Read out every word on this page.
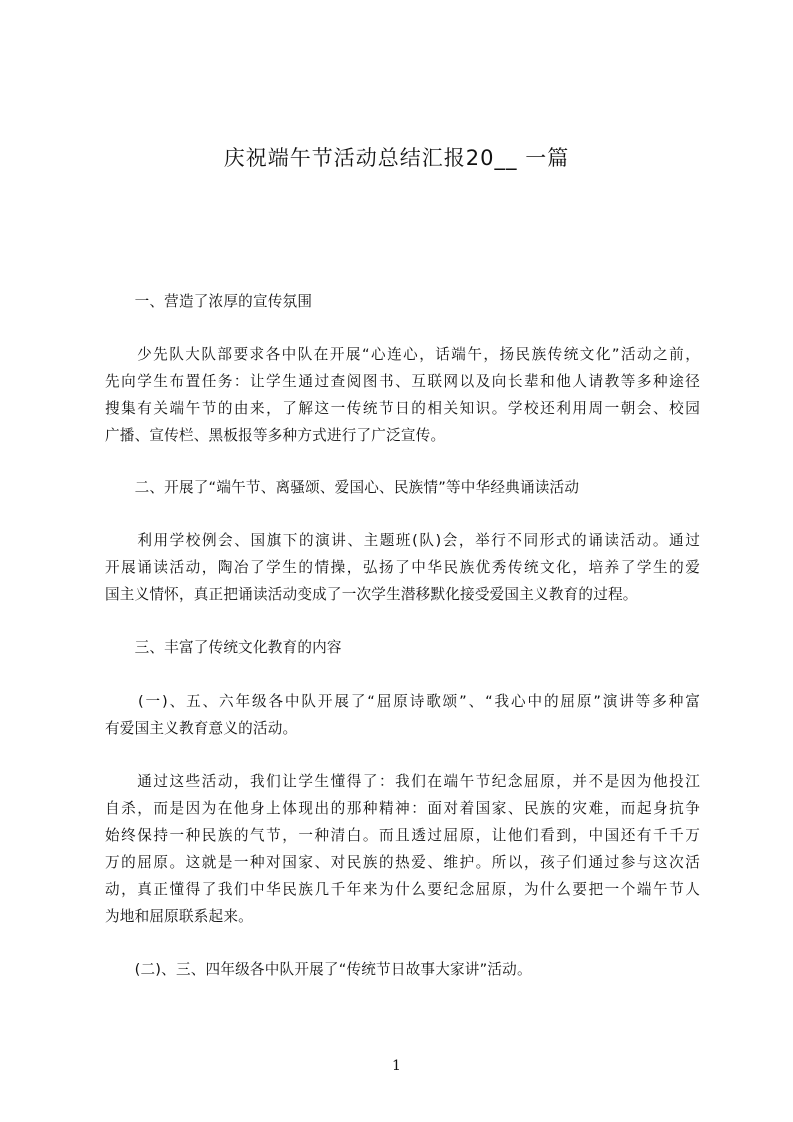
庆祝端午节活动总结汇报20__ 一篇
　　一、营造了浓厚的宣传氛围
　　少先队大队部要求各中队在开展“心连心，话端午，扬民族传统文化”活动之前，
先向学生布置任务：让学生通过查阅图书、互联网以及向长辈和他人请教等多种途径
搜集有关端午节的由来，了解这一传统节日的相关知识。学校还利用周一朝会、校园
广播、宣传栏、黑板报等多种方式进行了广泛宣传。
　　二、开展了“端午节、离骚颂、爱国心、民族情”等中华经典诵读活动
　　利用学校例会、国旗下的演讲、主题班(队)会，举行不同形式的诵读活动。通过
开展诵读活动，陶冶了学生的情操，弘扬了中华民族优秀传统文化，培养了学生的爱
国主义情怀，真正把诵读活动变成了一次学生潜移默化接受爱国主义教育的过程。
　　三、丰富了传统文化教育的内容
　　(一)、五、六年级各中队开展了“屈原诗歌颂”、“我心中的屈原”演讲等多种富
有爱国主义教育意义的活动。
　　通过这些活动，我们让学生懂得了：我们在端午节纪念屈原，并不是因为他投江
自杀，而是因为在他身上体现出的那种精神：面对着国家、民族的灾难，而起身抗争
始终保持一种民族的气节，一种清白。而且透过屈原，让他们看到，中国还有千千万
万的屈原。这就是一种对国家、对民族的热爱、维护。所以，孩子们通过参与这次活
动，真正懂得了我们中华民族几千年来为什么要纪念屈原，为什么要把一个端午节人
为地和屈原联系起来。
　　(二)、三、四年级各中队开展了“传统节日故事大家讲”活动。
1
